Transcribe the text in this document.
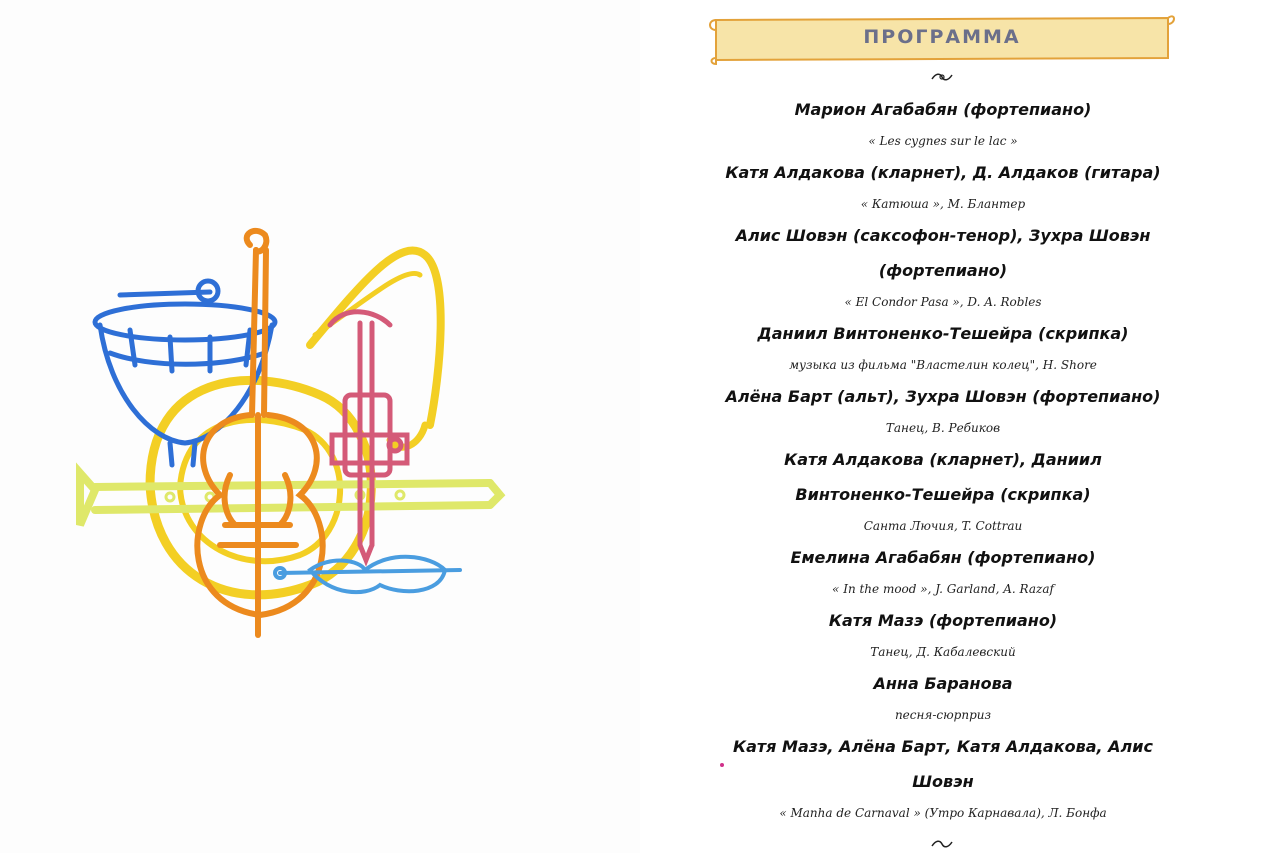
ПРОГРАММА

Марион Агабабян (фортепиано)

« Les cygnes sur le lac »

Катя Алдакова (кларнет), Д. Алдаков (гитара)

« Катюша », М. Блантер

Алис Шовэн (саксофон-тенор), Зухра Шовэн

(фортепиано)

« El Condor Pasa », D. A. Robles

Даниил Винтоненко-Тешейра (скрипка)

музыка из фильма "Властелин колец", H. Shore

Алёна Барт (альт), Зухра Шовэн (фортепиано)

Танец, В. Ребиков

Катя Алдакова (кларнет), Даниил

Винтоненко-Тешейра (скрипка)

Санта Лючия, T. Cottrau

Емелина Агабабян (фортепиано)

« In the mood », J. Garland, A. Razaf

Катя Мазэ (фортепиано)

Танец, Д. Кабалевский

Анна Баранова

песня-сюрприз

Катя Мазэ, Алёна Барт, Катя Алдакова, Алис

Шовэн

« Manha de Carnaval » (Утро Карнавала), Л. Бонфа
